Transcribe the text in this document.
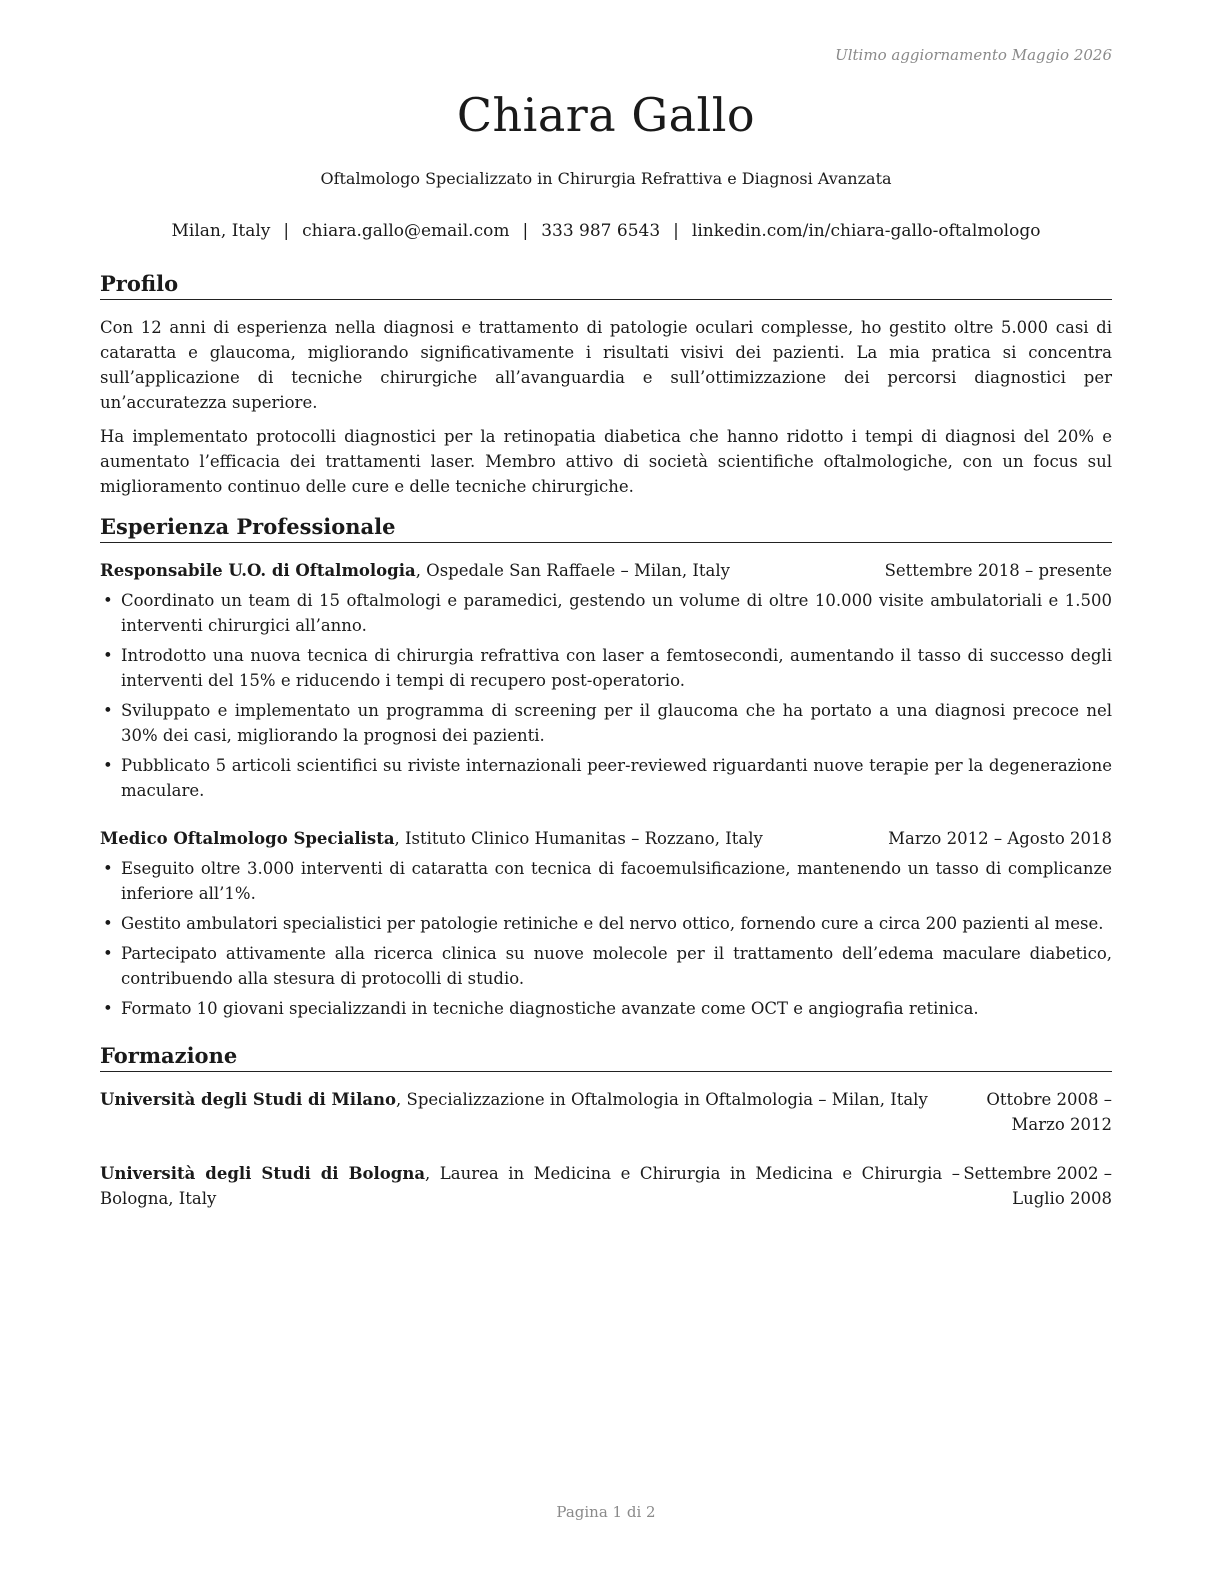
Ultimo aggiornamento Maggio 2026
Chiara Gallo
Oftalmologo Specializzato in Chirurgia Refrattiva e Diagnosi Avanzata
Milan, Italy | chiara.gallo@email.com | 333 987 6543 | linkedin.com/in/chiara-gallo-oftalmologo
Profilo
Con 12 anni di esperienza nella diagnosi e trattamento di patologie oculari complesse, ho gestito oltre 5.000 casi di cataratta e glaucoma, migliorando significativamente i risultati visivi dei pazienti. La mia pratica si concentra sull’applicazione di tecniche chirurgiche all’avanguardia e sull’ottimizzazione dei percorsi diagnostici per un’accuratezza superiore.
Ha implementato protocolli diagnostici per la retinopatia diabetica che hanno ridotto i tempi di diagnosi del 20% e aumentato l’efficacia dei trattamenti laser. Membro attivo di società scientifiche oftalmologiche, con un focus sul miglioramento continuo delle cure e delle tecniche chirurgiche.
Esperienza Professionale
Responsabile U.O. di Oftalmologia, Ospedale San Raffaele – Milan, Italy	Settembre 2018 – presente
• Coordinato un team di 15 oftalmologi e paramedici, gestendo un volume di oltre 10.000 visite ambulatoriali e 1.500 interventi chirurgici all’anno.
• Introdotto una nuova tecnica di chirurgia refrattiva con laser a femtosecondi, aumentando il tasso di successo degli interventi del 15% e riducendo i tempi di recupero post-operatorio.
• Sviluppato e implementato un programma di screening per il glaucoma che ha portato a una diagnosi precoce nel 30% dei casi, migliorando la prognosi dei pazienti.
• Pubblicato 5 articoli scientifici su riviste internazionali peer-reviewed riguardanti nuove terapie per la degenerazione maculare.
Medico Oftalmologo Specialista, Istituto Clinico Humanitas – Rozzano, Italy	Marzo 2012 – Agosto 2018
• Eseguito oltre 3.000 interventi di cataratta con tecnica di facoemulsificazione, mantenendo un tasso di complicanze inferiore all’1%.
• Gestito ambulatori specialistici per patologie retiniche e del nervo ottico, fornendo cure a circa 200 pazienti al mese.
• Partecipato attivamente alla ricerca clinica su nuove molecole per il trattamento dell’edema maculare diabetico, contribuendo alla stesura di protocolli di studio.
• Formato 10 giovani specializzandi in tecniche diagnostiche avanzate come OCT e angiografia retinica.
Formazione
Università degli Studi di Milano, Specializzazione in Oftalmologia in Oftalmologia – Milan, Italy	Ottobre 2008 – Marzo 2012
Università degli Studi di Bologna, Laurea in Medicina e Chirurgia in Medicina e Chirurgia – Bologna, Italy
Settembre 2002 – Luglio 2008
Pagina 1 di 2
